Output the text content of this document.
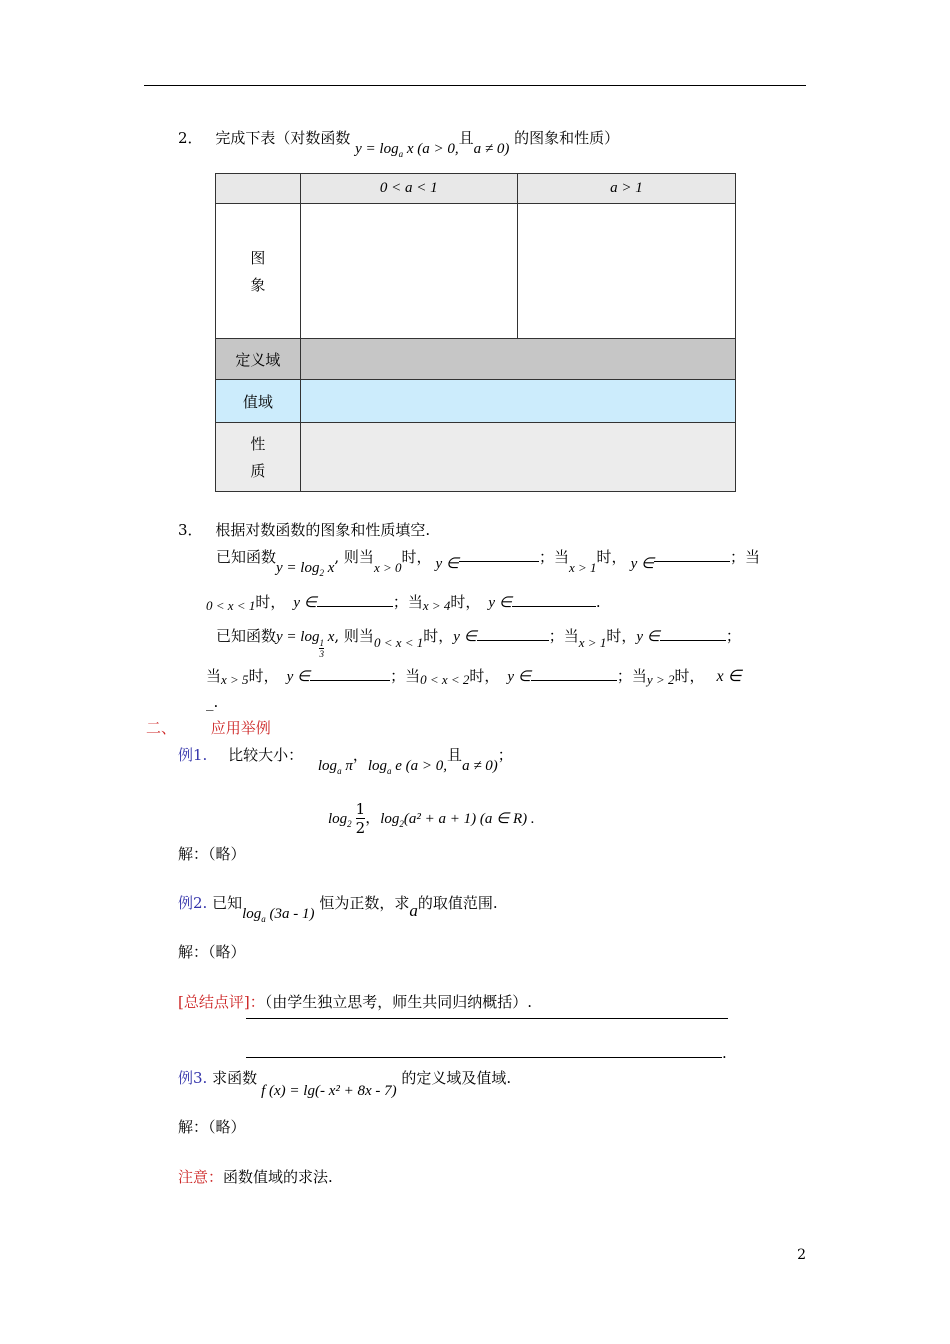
2． 完成下表（对数函数 $y = \log_a x$ (a > 0,且a ≠ 0) 的图象和性质）
	0 < a < 1	a > 1

图
象		

定义域		
值域		

性
质		

3． 根据对数函数的图象和性质填空.
已知函数$y = \log_2 x$, 则当x > 0时， y ∈	；当x > 1时， y ∈	；当
0 < x < 1时， y ∈	；当x > 4时， y ∈	.
已知函数y = log
$\frac{1}{3}$
x, 则当0 < x < 1时，y ∈	；当x > 1时，y ∈	；
当x > 5时， y ∈	；当0 < x < 2时， y ∈	；当y > 2时， x ∈
_.
二、 应用举例
例1. 比较大小： $\log_a \pi$，$\log_a e$ (a > 0,且a ≠ 0)；
$\log_2 \frac{1}{2}$ ，$\log_2(a^2 + a + 1)$ (a ∈ R) .
解：（略）
例2. 已知$\log_a (3a - 1)$ 恒为正数，求a的取值范围.
解：（略）
[总结点评]：（由学生独立思考，师生共同归纳概括）.
.
例3. 求函数f (x) = lg(- x² + 8x - 7) 的定义域及值域.
解：（略）
注意：函数值域的求法.
2
